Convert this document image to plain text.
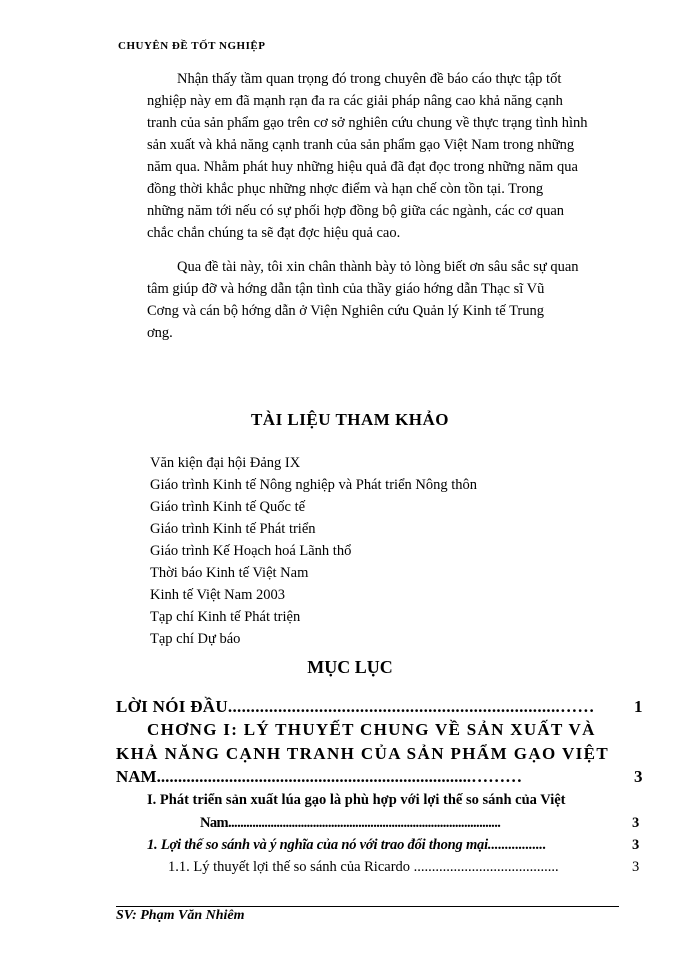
CHUYÊN ĐỀ TỐT NGHIỆP
Nhận thấy tầm quan trọng đó trong chuyên đề báo cáo thực tập tốt
nghiệp này em đã mạnh rạn đa ra các giải pháp nâng cao khả năng cạnh
tranh của sản phẩm gạo trên cơ sở nghiên cứu chung về thực trạng tình hình
sản xuất và khả năng cạnh tranh của sản phẩm gạo Việt Nam trong những
năm qua. Nhằm phát huy những hiệu quả đã đạt đọc trong những năm qua
đồng thời khắc phục những nhợc điểm và hạn chế còn tồn tại. Trong
những năm tới nếu có sự phối hợp đồng bộ giữa các ngành, các cơ quan
chắc chắn chúng ta sẽ đạt đợc hiệu quả cao.
Qua đề tài này, tôi xin chân thành bày tỏ lòng biết ơn sâu sắc sự quan
tâm giúp đỡ và hớng dẫn tận tình của thầy giáo hớng dẫn Thạc sĩ Vũ
Cơng và cán bộ hớng dẫn ở Viện Nghiên cứu Quản lý Kinh tế Trung
ơng.
TÀI LIỆU THAM KHẢO
Văn kiện đại hội Đảng IX
Giáo trình Kinh tế Nông nghiệp và Phát triển Nông thôn
Giáo trình Kinh tế Quốc tế
Giáo trình Kinh tế Phát triển
Giáo trình Kế Hoạch hoá Lãnh thổ
Thời báo Kinh tế Việt Nam
Kinh tế Việt Nam 2003
Tạp chí Kinh tế Phát triện
Tạp chí Dự báo
MỤC LỤC
LỜI NÓI ĐẦU.........................................................................…… 1
CHƠNG I: LÝ THUYẾT CHUNG VỀ SẢN XUẤT VÀ
KHẢ NĂNG CẠNH TRANH CỦA SẢN PHẨM GẠO VIỆT
NAM..........................................................................………	3
I. Phát triển sản xuất lúa gạo là phù hợp với lợi thế so sánh của Việt
Nam..........................................................................................	3
1. Lợi thế so sánh và ý nghĩa của nó với trao đổi thong mại.................	3
1.1. Lý thuyết lợi thế so sánh của Ricardo ........................................	3
SV: Phạm Văn Nhiêm
